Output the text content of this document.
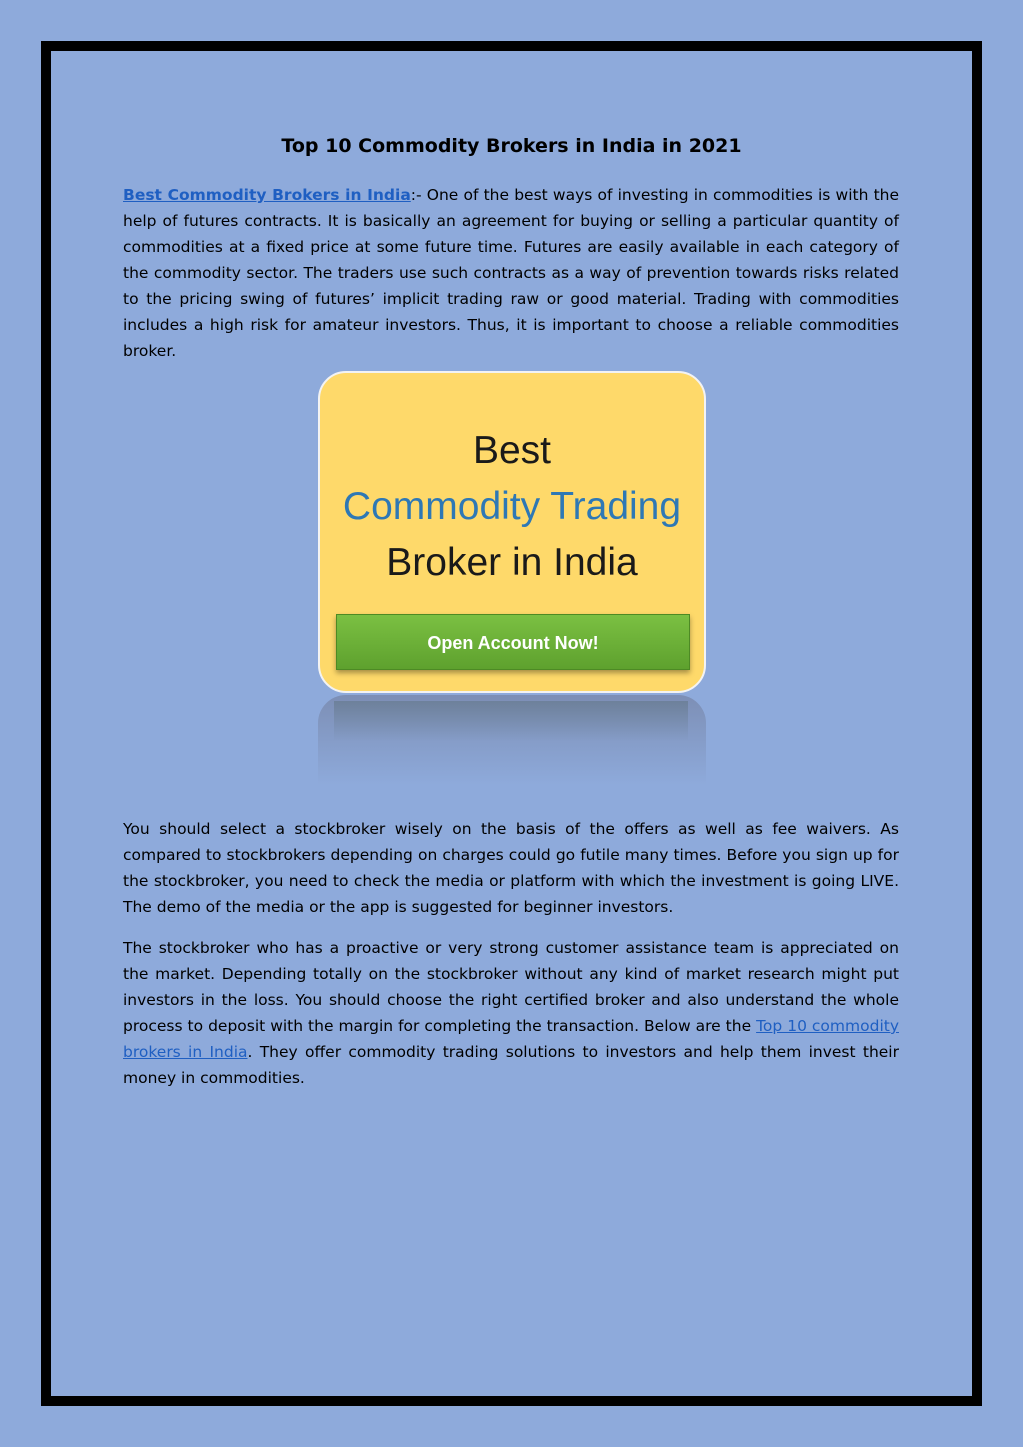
Top 10 Commodity Brokers in India in 2021

Best Commodity Brokers in India:- One of the best ways of investing in commodities is with the help of futures contracts. It is basically an agreement for buying or selling a particular quantity of commodities at a fixed price at some future time. Futures are easily available in each category of the commodity sector. The traders use such contracts as a way of prevention towards risks related to the pricing swing of futures’ implicit trading raw or good material. Trading with commodities includes a high risk for amateur investors. Thus, it is important to choose a reliable commodities broker.

Best
Commodity Trading
Broker in India
Open Account Now!

You should select a stockbroker wisely on the basis of the offers as well as fee waivers. As compared to stockbrokers depending on charges could go futile many times. Before you sign up for the stockbroker, you need to check the media or platform with which the investment is going LIVE. The demo of the media or the app is suggested for beginner investors.

The stockbroker who has a proactive or very strong customer assistance team is appreciated on the market. Depending totally on the stockbroker without any kind of market research might put investors in the loss. You should choose the right certified broker and also understand the whole process to deposit with the margin for completing the transaction. Below are the Top 10 commodity brokers in India. They offer commodity trading solutions to investors and help them invest their money in commodities.
